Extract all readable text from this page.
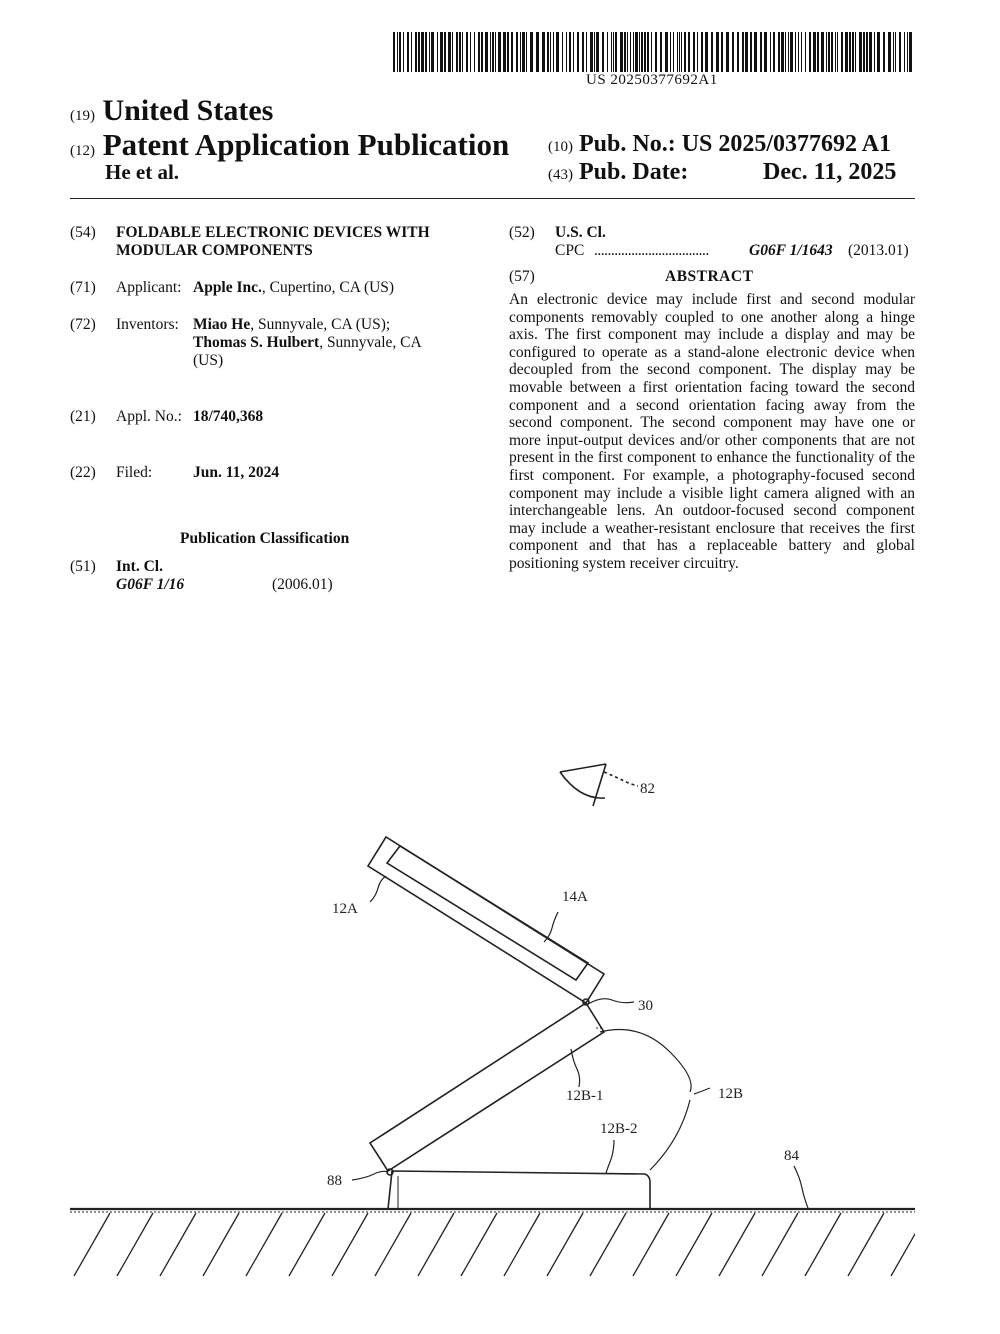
US 20250377692A1
(19) United States
(12) Patent Application Publication
He et al.
(10) Pub. No.: US 2025/0377692 A1
(43) Pub. Date:	Dec. 11, 2025
(54) FOLDABLE ELECTRONIC DEVICES WITH
MODULAR COMPONENTS
(71) Applicant: Apple Inc., Cupertino, CA (US)
(72) Inventors: Miao He, Sunnyvale, CA (US);
Thomas S. Hulbert, Sunnyvale, CA
(US)
(21) Appl. No.: 18/740,368
(22) Filed:	Jun. 11, 2024
Publication Classification
(51) Int. Cl.
G06F 1/16	(2006.01)
(52) U.S. Cl.
CPC ..................................	G06F 1/1643 (2013.01)
(57)	ABSTRACT
An electronic device may include first and second modular components removably coupled to one another along a hinge axis. The first component may include a display and may be configured to operate as a stand-alone electronic device when decoupled from the second component. The display may be movable between a first orientation facing toward the second component and a second orientation facing away from the second component. The second component may have one or more input-output devices and/or other components that are not present in the first component to enhance the functionality of the first component. For example, a photography-focused second component may include a visible light camera aligned with an interchangeable lens. An outdoor-focused second component may include a weather-resistant enclosure that receives the first component and that has a replaceable battery and global positioning system receiver circuitry.
82
12A
14A
30
12B-1	12B
12B-2
84
88
